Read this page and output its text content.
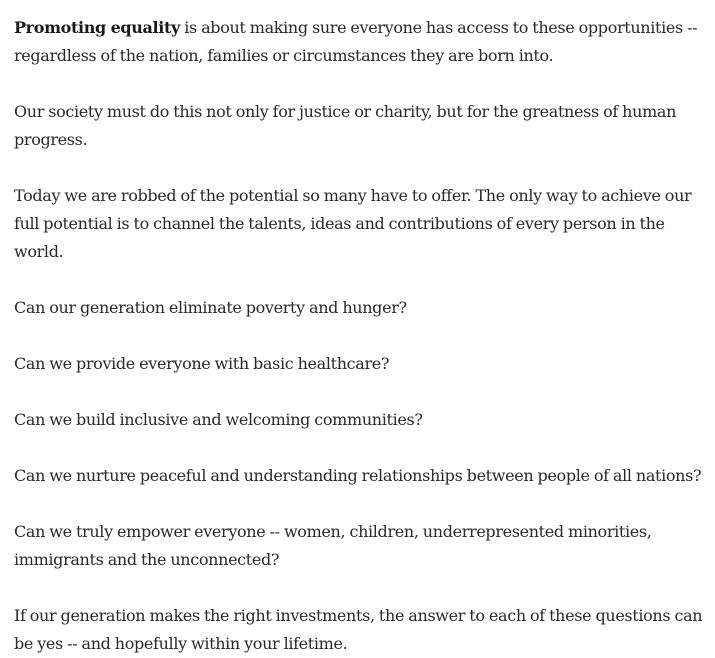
Promoting equality is about making sure everyone has access to these opportunities -- regardless of the nation, families or circumstances they are born into.

Our society must do this not only for justice or charity, but for the greatness of human progress.

Today we are robbed of the potential so many have to offer. The only way to achieve our full potential is to channel the talents, ideas and contributions of every person in the world.

Can our generation eliminate poverty and hunger?

Can we provide everyone with basic healthcare?

Can we build inclusive and welcoming communities?

Can we nurture peaceful and understanding relationships between people of all nations?

Can we truly empower everyone -- women, children, underrepresented minorities, immigrants and the unconnected?

If our generation makes the right investments, the answer to each of these questions can be yes -- and hopefully within your lifetime.
